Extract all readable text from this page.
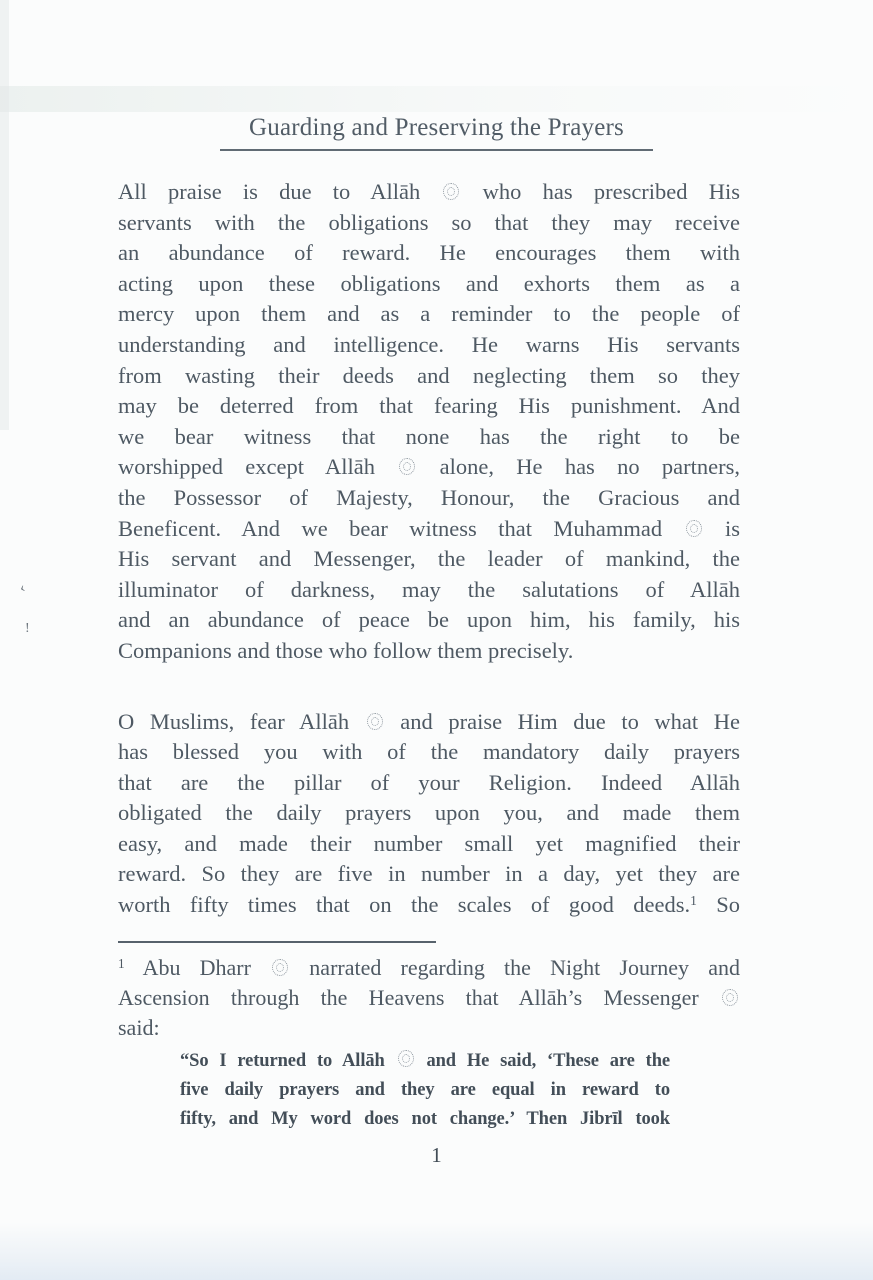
‹
!
Guarding and Preserving the Prayers
All praise is due to Allāh  who has prescribed His
servants with the obligations so that they may receive
an abundance of reward. He encourages them with
acting upon these obligations and exhorts them as a
mercy upon them and as a reminder to the people of
understanding and intelligence. He warns His servants
from wasting their deeds and neglecting them so they
may be deterred from that fearing His punishment. And
we bear witness that none has the right to be
worshipped except Allāh  alone, He has no partners,
the Possessor of Majesty, Honour, the Gracious and
Beneficent. And we bear witness that Muhammad  is
His servant and Messenger, the leader of mankind, the
illuminator of darkness, may the salutations of Allāh
and an abundance of peace be upon him, his family, his
Companions and those who follow them precisely.
O Muslims, fear Allāh  and praise Him due to what He
has blessed you with of the mandatory daily prayers
that are the pillar of your Religion. Indeed Allāh
obligated the daily prayers upon you, and made them
easy, and made their number small yet magnified their
reward. So they are five in number in a day, yet they are
worth fifty times that on the scales of good deeds.$^1$ So
$^1$ Abu Dharr  narrated regarding the Night Journey and
Ascension through the Heavens that Allāh’s Messenger
said:
“So I returned to Allāh  and He said, ‘These are the
five daily prayers and they are equal in reward to
fifty, and My word does not change.’ Then Jibrīl took
1
